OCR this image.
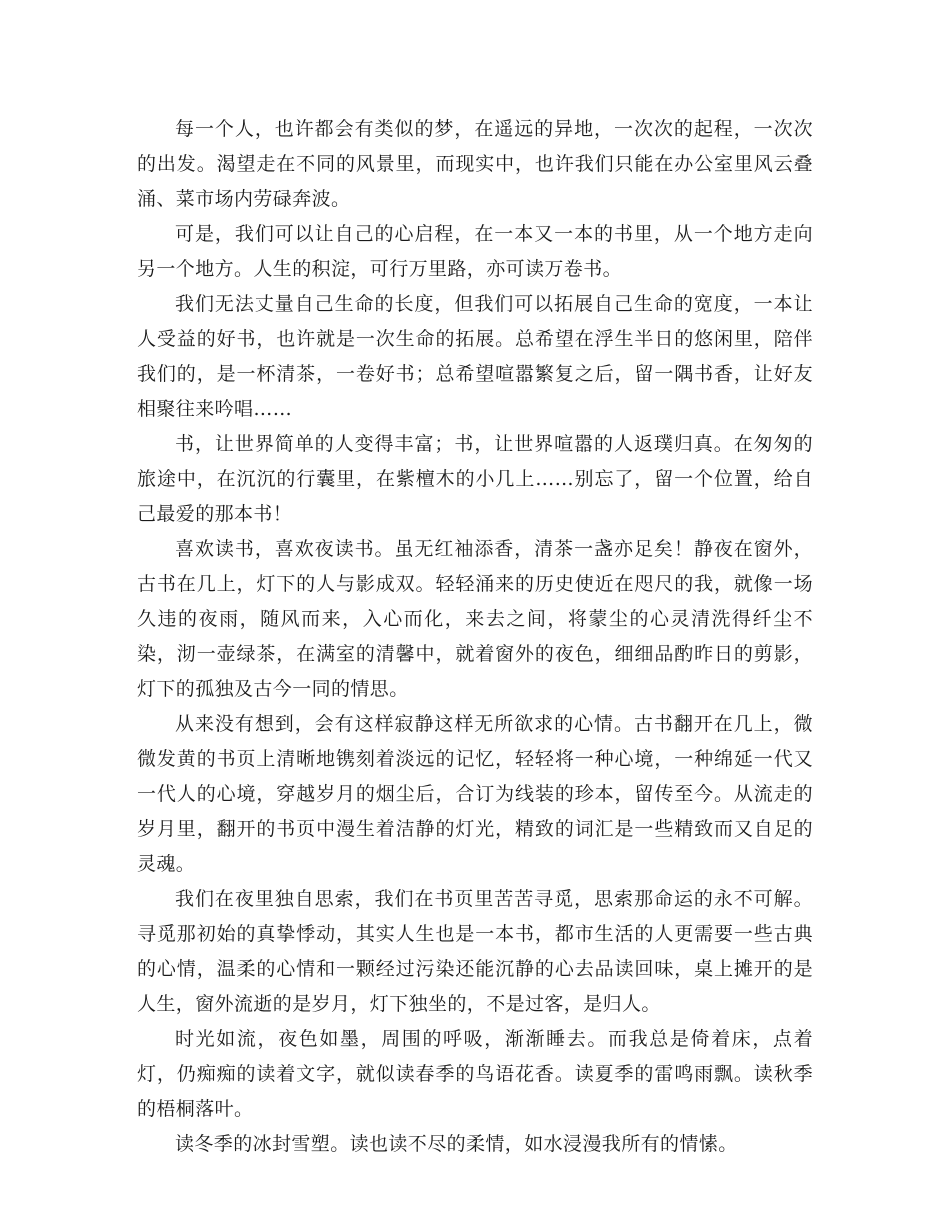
每一个人，也许都会有类似的梦，在遥远的异地，一次次的起程，一次次的出发。渴望走在不同的风景里，而现实中，也许我们只能在办公室里风云叠涌、菜市场内劳碌奔波。

可是，我们可以让自己的心启程，在一本又一本的书里，从一个地方走向另一个地方。人生的积淀，可行万里路，亦可读万卷书。

我们无法丈量自己生命的长度，但我们可以拓展自己生命的宽度，一本让人受益的好书，也许就是一次生命的拓展。总希望在浮生半日的悠闲里，陪伴我们的，是一杯清茶，一卷好书；总希望喧嚣繁复之后，留一隅书香，让好友相聚往来吟唱……

书，让世界简单的人变得丰富；书，让世界喧嚣的人返璞归真。在匆匆的旅途中，在沉沉的行囊里，在紫檀木的小几上……别忘了，留一个位置，给自己最爱的那本书！

喜欢读书，喜欢夜读书。虽无红袖添香，清茶一盏亦足矣！静夜在窗外，古书在几上，灯下的人与影成双。轻轻涌来的历史使近在咫尺的我，就像一场久违的夜雨，随风而来，入心而化，来去之间，将蒙尘的心灵清洗得纤尘不染，沏一壶绿茶，在满室的清馨中，就着窗外的夜色，细细品酌昨日的剪影，灯下的孤独及古今一同的情思。

从来没有想到，会有这样寂静这样无所欲求的心情。古书翻开在几上，微微发黄的书页上清晰地镌刻着淡远的记忆，轻轻将一种心境，一种绵延一代又一代人的心境，穿越岁月的烟尘后，合订为线装的珍本，留传至今。从流走的岁月里，翻开的书页中漫生着洁静的灯光，精致的词汇是一些精致而又自足的灵魂。

我们在夜里独自思索，我们在书页里苦苦寻觅，思索那命运的永不可解。寻觅那初始的真挚悸动，其实人生也是一本书，都市生活的人更需要一些古典的心情，温柔的心情和一颗经过污染还能沉静的心去品读回味，桌上摊开的是人生，窗外流逝的是岁月，灯下独坐的，不是过客，是归人。

时光如流，夜色如墨，周围的呼吸，渐渐睡去。而我总是倚着床，点着灯，仍痴痴的读着文字，就似读春季的鸟语花香。读夏季的雷鸣雨飘。读秋季的梧桐落叶。

读冬季的冰封雪塑。读也读不尽的柔情，如水浸漫我所有的情愫。
